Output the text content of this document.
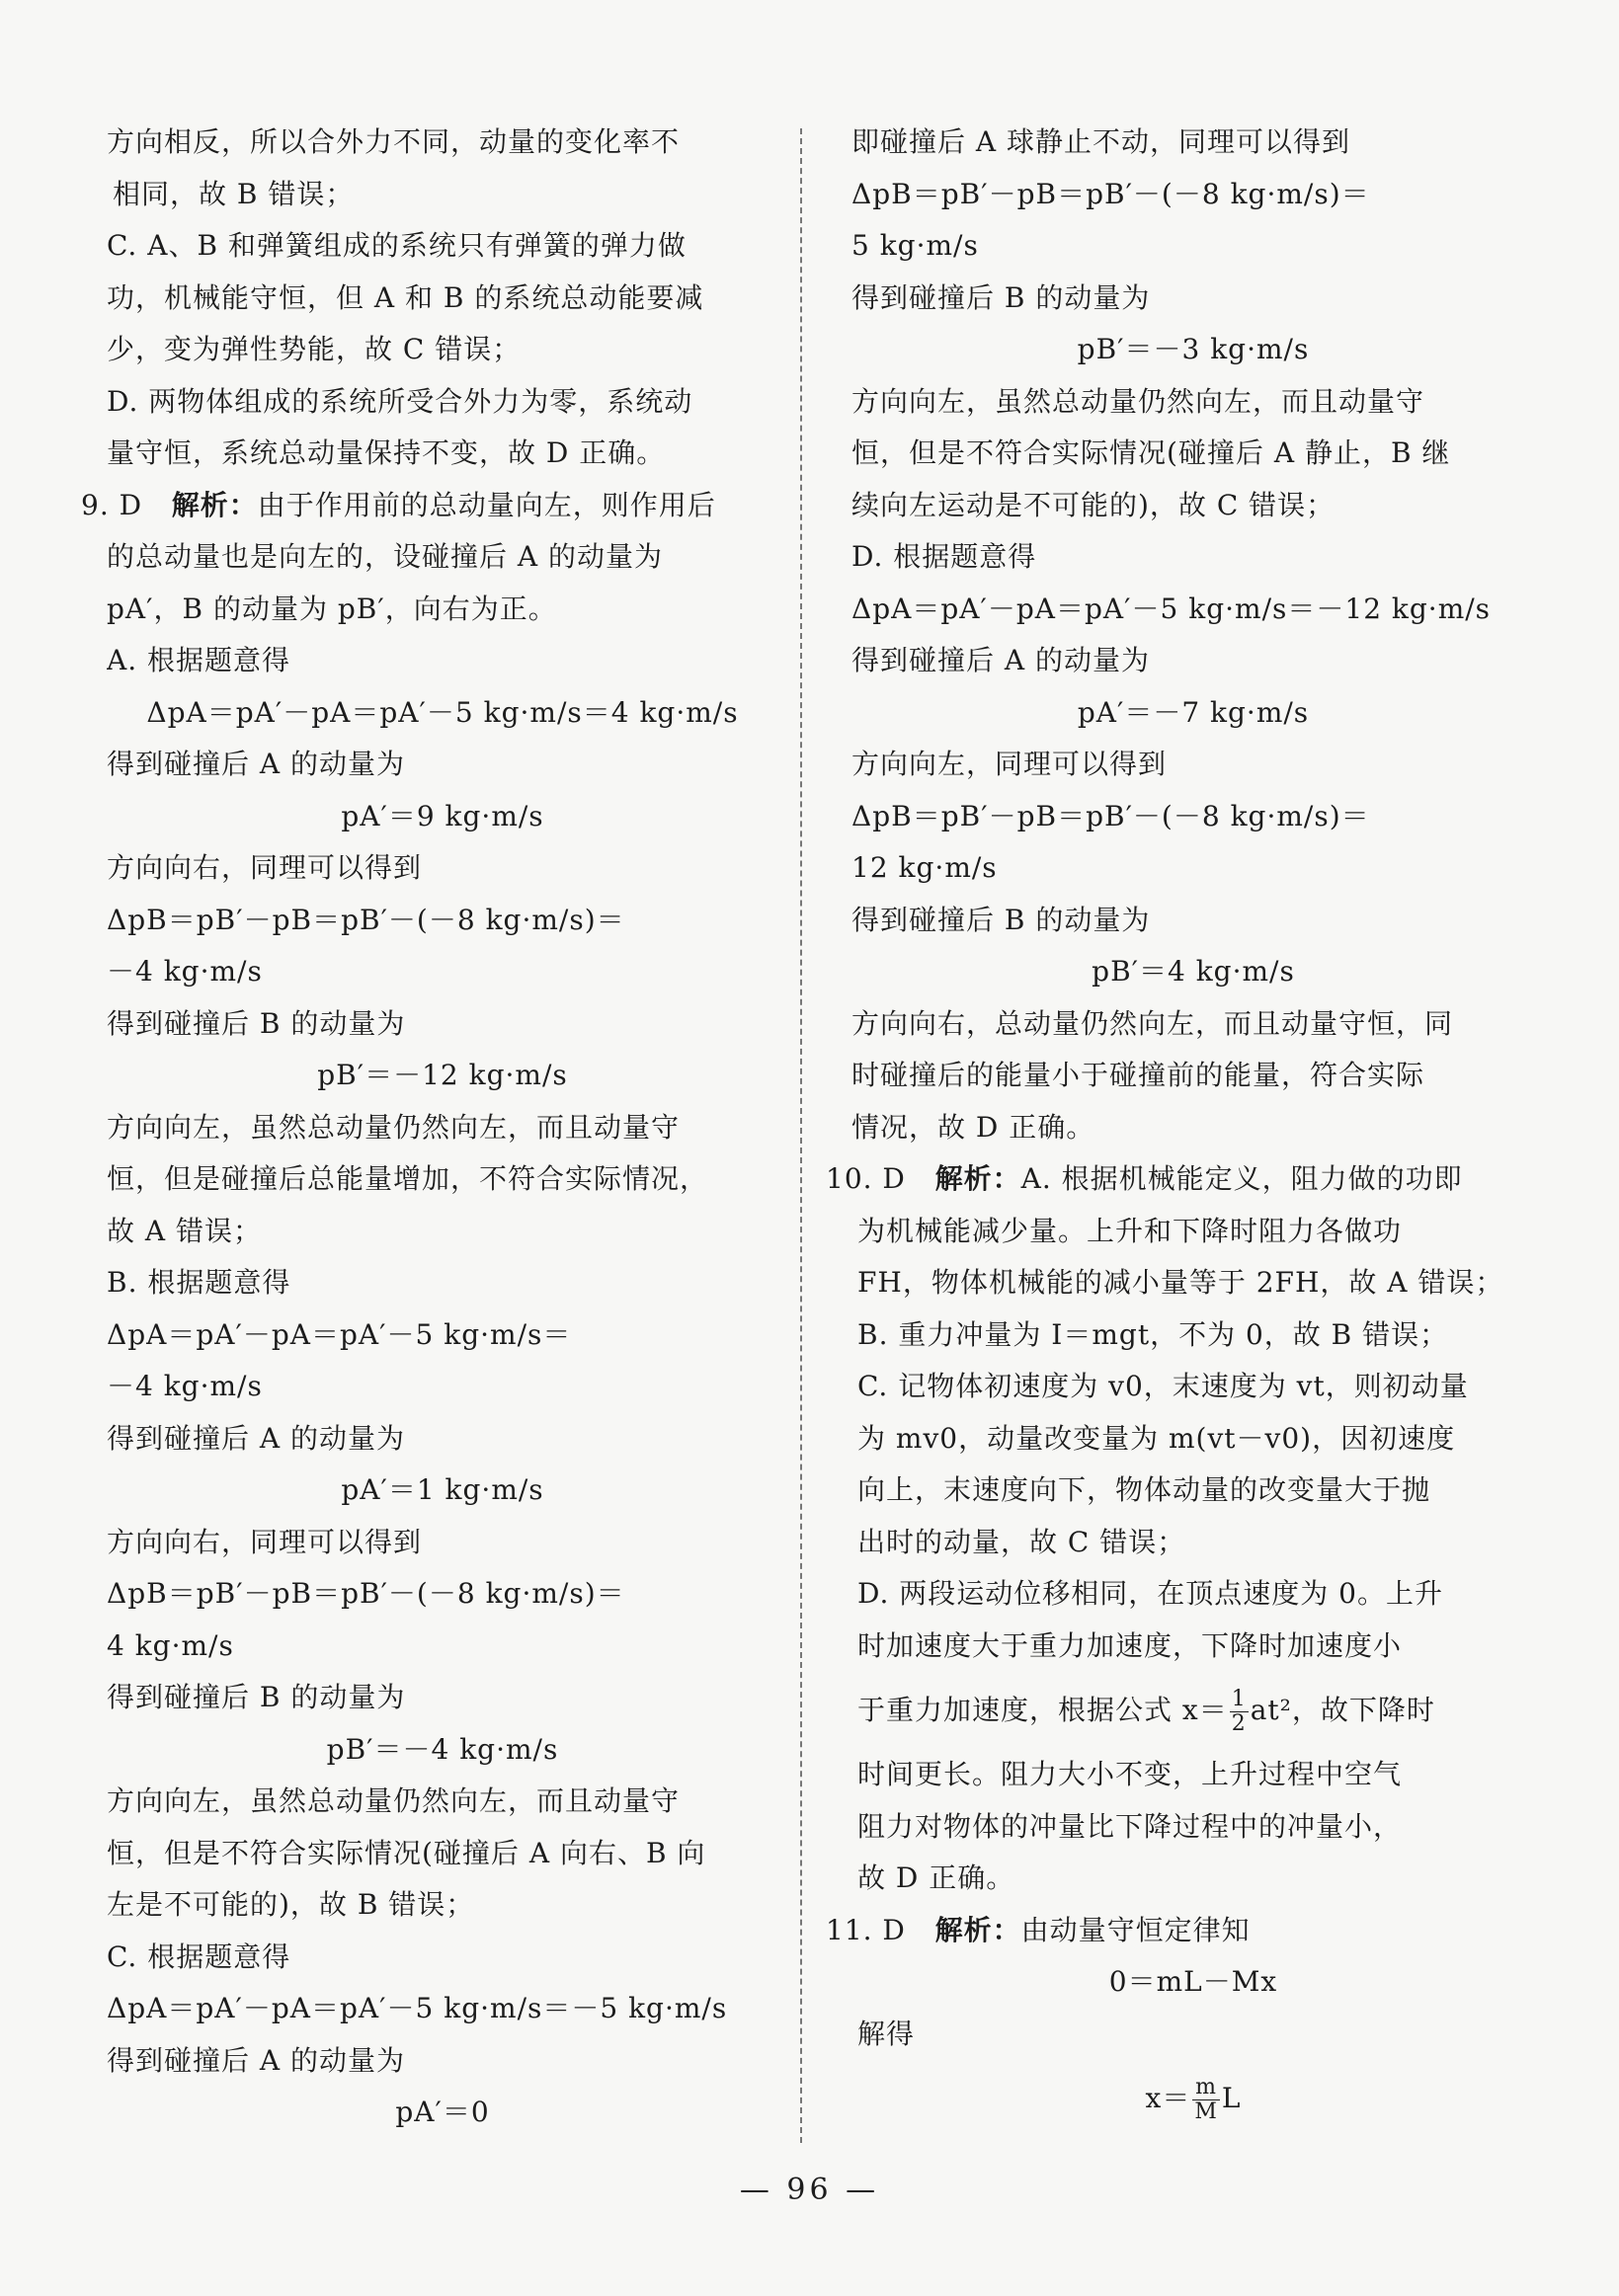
方向相反，所以合外力不同，动量的变化率不
相同，故 B 错误；
C. A、B 和弹簧组成的系统只有弹簧的弹力做
功，机械能守恒，但 A 和 B 的系统总动能要减
少，变为弹性势能，故 C 错误；
D. 两物体组成的系统所受合外力为零，系统动
量守恒，系统总动量保持不变，故 D 正确。
9. D 解析：由于作用前的总动量向左，则作用后
的总动量也是向左的，设碰撞后 A 的动量为
pA′，B 的动量为 pB′，向右为正。
A. 根据题意得
ΔpA＝pA′－pA＝pA′－5 kg·m/s＝4 kg·m/s
得到碰撞后 A 的动量为
pA′＝9 kg·m/s
方向向右，同理可以得到
ΔpB＝pB′－pB＝pB′－(－8 kg·m/s)＝
－4 kg·m/s
得到碰撞后 B 的动量为
pB′＝－12 kg·m/s
方向向左，虽然总动量仍然向左，而且动量守
恒，但是碰撞后总能量增加，不符合实际情况，
故 A 错误；
B. 根据题意得
ΔpA＝pA′－pA＝pA′－5 kg·m/s＝
－4 kg·m/s
得到碰撞后 A 的动量为
pA′＝1 kg·m/s
方向向右，同理可以得到
ΔpB＝pB′－pB＝pB′－(－8 kg·m/s)＝
4 kg·m/s
得到碰撞后 B 的动量为
pB′＝－4 kg·m/s
方向向左，虽然总动量仍然向左，而且动量守
恒，但是不符合实际情况(碰撞后 A 向右、B 向
左是不可能的)，故 B 错误；
C. 根据题意得
ΔpA＝pA′－pA＝pA′－5 kg·m/s＝－5 kg·m/s
得到碰撞后 A 的动量为
pA′＝0
即碰撞后 A 球静止不动，同理可以得到
ΔpB＝pB′－pB＝pB′－(－8 kg·m/s)＝
5 kg·m/s
得到碰撞后 B 的动量为
pB′＝－3 kg·m/s
方向向左，虽然总动量仍然向左，而且动量守
恒，但是不符合实际情况(碰撞后 A 静止，B 继
续向左运动是不可能的)，故 C 错误；
D. 根据题意得
ΔpA＝pA′－pA＝pA′－5 kg·m/s＝－12 kg·m/s
得到碰撞后 A 的动量为
pA′＝－7 kg·m/s
方向向左，同理可以得到
ΔpB＝pB′－pB＝pB′－(－8 kg·m/s)＝
12 kg·m/s
得到碰撞后 B 的动量为
pB′＝4 kg·m/s
方向向右，总动量仍然向左，而且动量守恒，同
时碰撞后的能量小于碰撞前的能量，符合实际
情况，故 D 正确。
10. D 解析：A. 根据机械能定义，阻力做的功即
为机械能减少量。上升和下降时阻力各做功
FH，物体机械能的减小量等于 2FH，故 A 错误；
B. 重力冲量为 I＝mgt，不为 0，故 B 错误；
C. 记物体初速度为 v0，末速度为 vt，则初动量
为 mv0，动量改变量为 m(vt－v0)，因初速度
向上，末速度向下，物体动量的改变量大于抛
出时的动量，故 C 错误；
D. 两段运动位移相同，在顶点速度为 0。上升
时加速度大于重力加速度，下降时加速度小
于重力加速度，根据公式 $x= \frac{1}{2} at^2$，故下降时
时间更长。阻力大小不变，上升过程中空气
阻力对物体的冲量比下降过程中的冲量小，
故 D 正确。
11. D 解析：由动量守恒定律知
0＝mL－Mx
解得
$x= \frac{m}{M}$ L
— 96 —
